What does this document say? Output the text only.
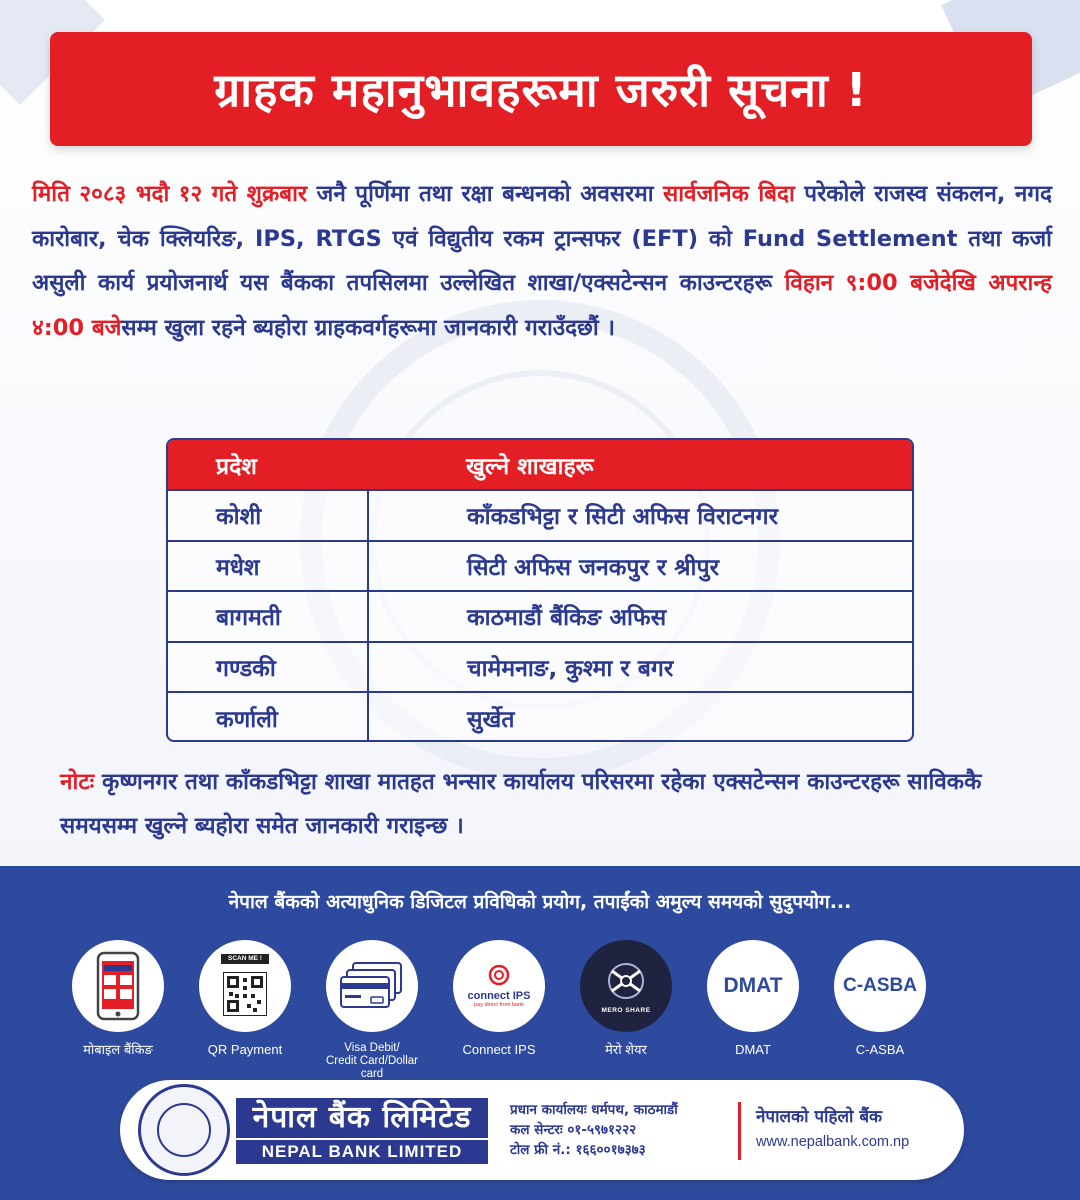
ग्राहक महानुभावहरूमा जरुरी सूचना !
मिति २०८३ भदौ १२ गते शुक्रबार जनै पूर्णिमा तथा रक्षा बन्धनको अवसरमा सार्वजनिक बिदा परेकोले राजस्व संकलन, नगद कारोबार, चेक क्लियरिङ, IPS, RTGS एवं विद्युतीय रकम ट्रान्सफर (EFT) को Fund Settlement तथा कर्जा असुली कार्य प्रयोजनार्थ यस बैंकका तपसिलमा उल्लेखित शाखा/एक्सटेन्सन काउन्टरहरू विहान ९:00 बजेदेखि अपरान्ह ४:00 बजेसम्म खुला रहने ब्यहोरा ग्राहकवर्गहरूमा जानकारी गराउँदछौं ।
प्रदेश	खुल्ने शाखाहरू
कोशी	काँकडभिट्टा र सिटी अफिस विराटनगर
मधेश	सिटी अफिस जनकपुर र श्रीपुर
बागमती	काठमाडौं बैंकिङ अफिस
गण्डकी	चामेमनाङ, कुश्मा र बगर
कर्णाली	सुर्खेत
नोटः कृष्णनगर तथा काँकडभिट्टा शाखा मातहत भन्सार कार्यालय परिसरमा रहेका एक्सटेन्सन काउन्टरहरू साविककै समयसम्म खुल्ने ब्यहोरा समेत जानकारी गराइन्छ ।
नेपाल बैंकको अत्याधुनिक डिजिटल प्रविधिको प्रयोग, तपाईंको अमुल्य समयको सुदुपयोग...
मोबाइल बैंकिङ
SCAN ME !
QR Payment	Visa Debit/
Credit Card/Dollar card
connect IPS
pay direct from bank
Connect IPS
MERO SHARE
मेरो शेयर
DMAT
DMAT
C-ASBA
C-ASBA
नेपाल बैंक लिमिटेड
NEPAL BANK LIMITED
प्रधान कार्यालयः धर्मपथ, काठमाडौं
कल सेन्टरः ०१-५९७१२२२
टोल फ्री नं.: १६६००१७३७३
नेपालको पहिलो बैंक
www.nepalbank.com.np
